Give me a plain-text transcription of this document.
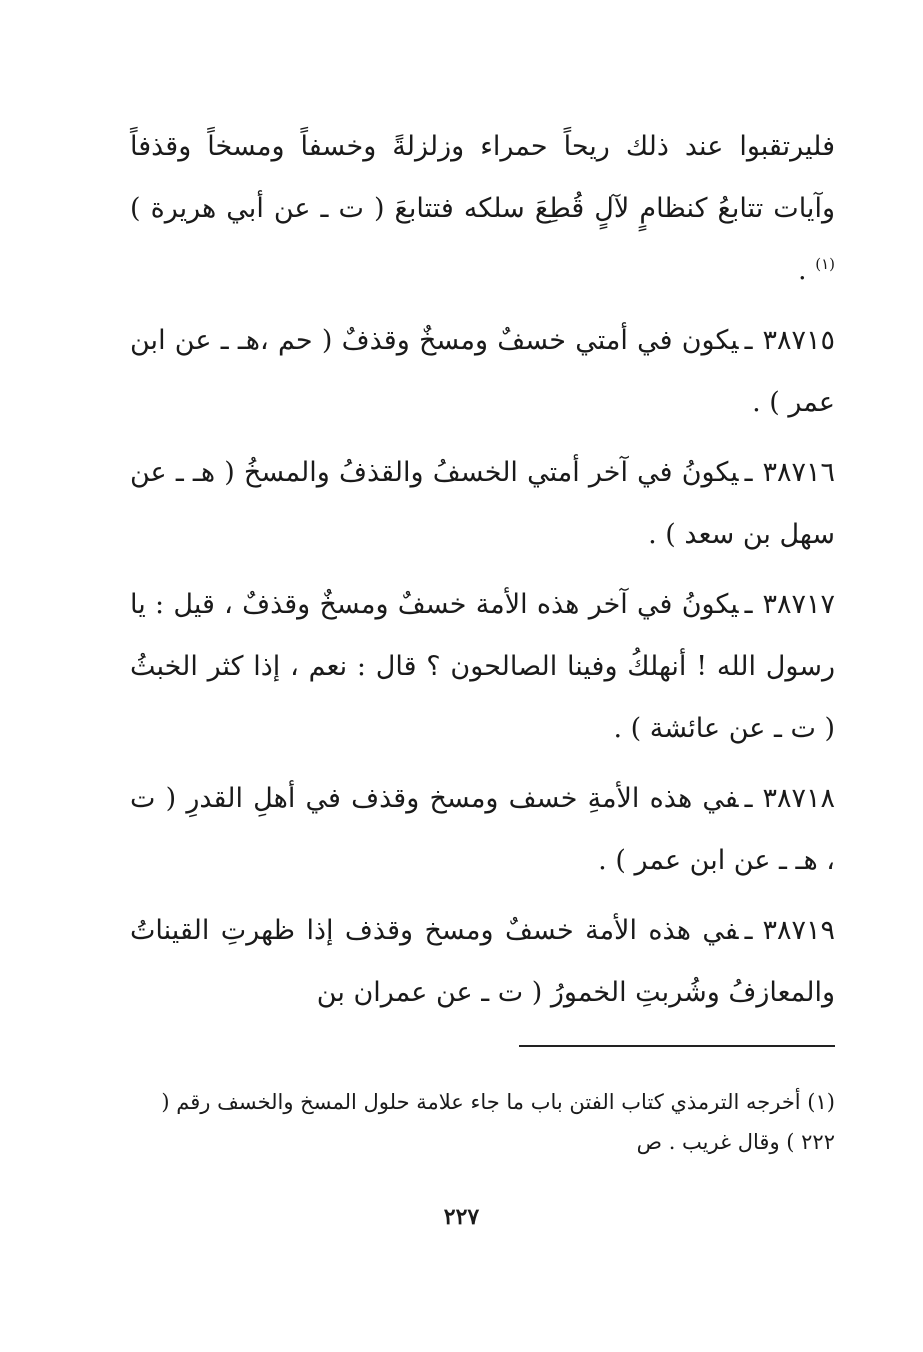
فليرتقبوا عند ذلك ريحاً حمراء وزلزلةً وخسفاً ومسخاً وقذفاً وآيات تتابعُ كنظامٍ لآلٍ قُطِعَ سلكه فتتابعَ ( ت ـ عن أبي هريرة ) $^{(١)}$ .

٣٨٧١٥ـيكون في أمتي خسفٌ ومسخٌ وقذفٌ ( حم ،هـ ـ عن ابن عمر ) .

٣٨٧١٦ـيكونُ في آخر أمتي الخسفُ والقذفُ والمسخُ ( هـ ـ عن سهل بن سعد ) .

٣٨٧١٧ـيكونُ في آخر هذه الأمة خسفٌ ومسخٌ وقذفٌ ، قيل : يا رسول الله ! أنهلكُ وفينا الصالحون ؟ قال : نعم ، إذا كثر الخبثُ ( ت ـ عن عائشة ) .

٣٨٧١٨ـفي هذه الأمةِ خسف ومسخ وقذف في أهلِ القدرِ ( ت ، هـ ـ عن ابن عمر ) .

٣٨٧١٩ـفي هذه الأمة خسفٌ ومسخ وقذف إذا ظهرتِ القيناتُ والمعازفُ وشُربتِ الخمورُ ( ت ـ عن عمران بن

(١) أخرجه الترمذي كتاب الفتن باب ما جاء علامة حلول المسخ والخسف رقم ( ٢٢٢ ) وقال غريب . ص
٢٢٧
